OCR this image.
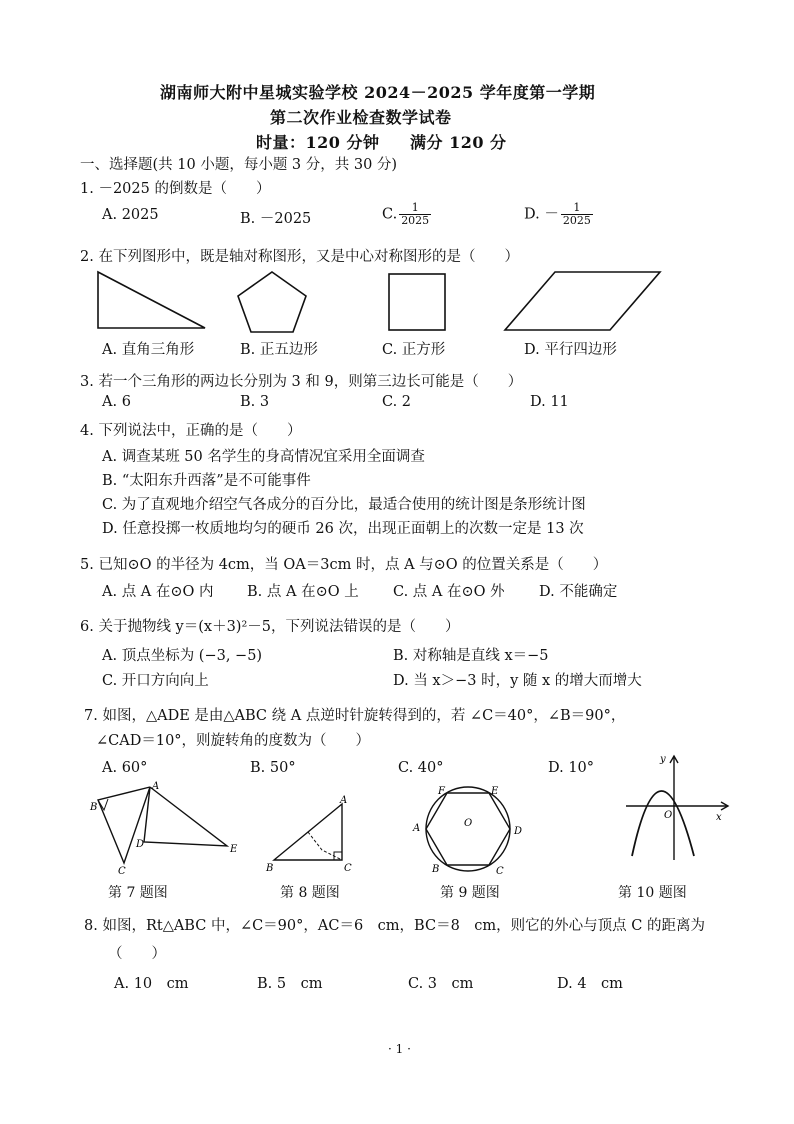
湖南师大附中星城实验学校 2024－2025 学年度第一学期
第二次作业检查数学试卷
时量：120 分钟 满分 120 分
一、选择题(共 10 小题，每小题 3 分，共 30 分)
1. －2025 的倒数是（　　）
A. 2025	B. －2025	C. $\frac{1}{2025}$	D. － $\frac{1}{2025}$
2. 在下列图形中，既是轴对称图形，又是中心对称图形的是（　　）
A. 直角三角形	B. 正五边形	C. 正方形	D. 平行四边形
3. 若一个三角形的两边长分别为 3 和 9，则第三边长可能是（　　）
A. 6	B. 3	C. 2	D. 11
4. 下列说法中，正确的是（　　）
A. 调查某班 50 名学生的身高情况宜采用全面调查
B. “太阳东升西落”是不可能事件
C. 为了直观地介绍空气各成分的百分比，最适合使用的统计图是条形统计图
D. 任意投掷一枚质地均匀的硬币 26 次，出现正面朝上的次数一定是 13 次
5. 已知⊙O 的半径为 4cm，当 OA＝3cm 时，点 A 与⊙O 的位置关系是（　　）
A. 点 A 在⊙O 内 B. 点 A 在⊙O 上 C. 点 A 在⊙O 外 D. 不能确定
6. 关于抛物线 y＝(x＋3)²－5，下列说法错误的是（　　）
A. 顶点坐标为 (−3, −5)	B. 对称轴是直线 x＝−5
C. 开口方向向上	D. 当 x＞−3 时，y 随 x 的增大而增大
7. 如图，△ADE 是由△ABC 绕 A 点逆时针旋转得到的，若 ∠C＝40°，∠B＝90°，
∠CAD＝10°，则旋转角的度数为（　　）
A. 60°	B. 50°	C. 40°	D. 10°
A
B
C
D	E
A
B	C
F	E
A	D
O
B	C
y
O	x
第 7 题图	第 8 题图	第 9 题图	第 10 题图
8. 如图，Rt△ABC 中，∠C＝90°，AC＝6　cm，BC＝8　cm，则它的外心与顶点 C 的距离为
（　　）
A. 10　cm	B. 5　cm	C. 3　cm	D. 4　cm
· 1 ·
